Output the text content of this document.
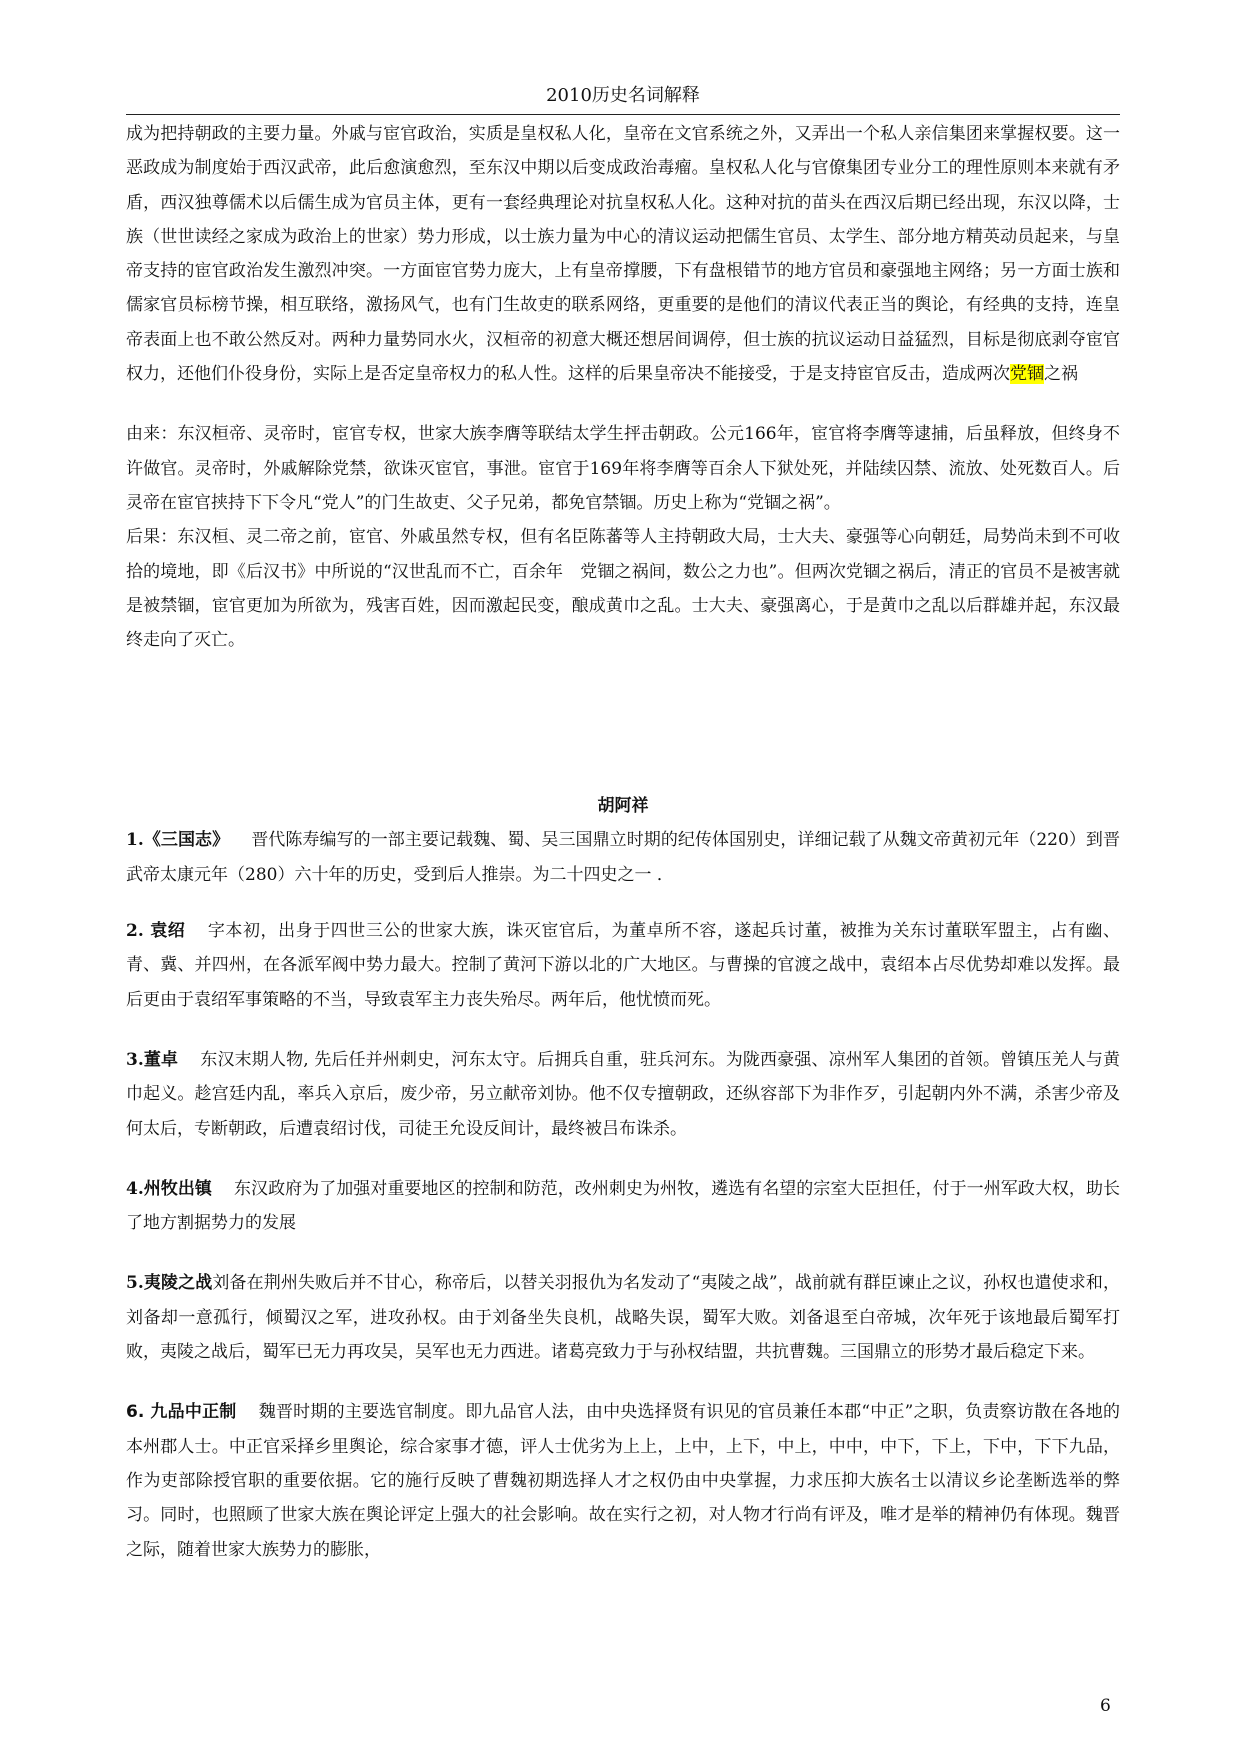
2010历史名词解释

成为把持朝政的主要力量。外戚与宦官政治，实质是皇权私人化，皇帝在文官系统之外，又弄出一个私人亲信集团来掌握权要。这一恶政成为制度始于西汉武帝，此后愈演愈烈，至东汉中期以后变成政治毒瘤。皇权私人化与官僚集团专业分工的理性原则本来就有矛盾，西汉独尊儒术以后儒生成为官员主体，更有一套经典理论对抗皇权私人化。这种对抗的苗头在西汉后期已经出现，东汉以降，士族（世世读经之家成为政治上的世家）势力形成，以士族力量为中心的清议运动把儒生官员、太学生、部分地方精英动员起来，与皇帝支持的宦官政治发生激烈冲突。一方面宦官势力庞大，上有皇帝撑腰，下有盘根错节的地方官员和豪强地主网络；另一方面士族和儒家官员标榜节操，相互联络，激扬风气，也有门生故吏的联系网络，更重要的是他们的清议代表正当的舆论，有经典的支持，连皇帝表面上也不敢公然反对。两种力量势同水火，汉桓帝的初意大概还想居间调停，但士族的抗议运动日益猛烈，目标是彻底剥夺宦官权力，还他们仆役身份，实际上是否定皇帝权力的私人性。这样的后果皇帝决不能接受，于是支持宦官反击，造成两次党锢之祸

由来：东汉桓帝、灵帝时，宦官专权，世家大族李膺等联结太学生抨击朝政。公元166年，宦官将李膺等逮捕，后虽释放，但终身不许做官。灵帝时，外戚解除党禁，欲诛灭宦官，事泄。宦官于169年将李膺等百余人下狱处死，并陆续囚禁、流放、处死数百人。后灵帝在宦官挟持下下令凡“党人”的门生故吏、父子兄弟，都免官禁锢。历史上称为“党锢之祸”。

后果：东汉桓、灵二帝之前，宦官、外戚虽然专权，但有名臣陈蕃等人主持朝政大局，士大夫、豪强等心向朝廷，局势尚未到不可收拾的境地，即《后汉书》中所说的“汉世乱而不亡，百余年　党锢之祸间，数公之力也”。但两次党锢之祸后，清正的官员不是被害就是被禁锢，宦官更加为所欲为，残害百姓，因而激起民变，酿成黄巾之乱。士大夫、豪强离心，于是黄巾之乱以后群雄并起，东汉最终走向了灭亡。

胡阿祥

1.《三国志》 晋代陈寿编写的一部主要记载魏、蜀、吴三国鼎立时期的纪传体国别史，详细记载了从魏文帝黄初元年（220）到晋武帝太康元年（280）六十年的历史，受到后人推崇。为二十四史之一 ．

2. 袁绍 字本初，出身于四世三公的世家大族，诛灭宦官后，为董卓所不容，遂起兵讨董，被推为关东讨董联军盟主，占有幽、青、冀、并四州，在各派军阀中势力最大。控制了黄河下游以北的广大地区。与曹操的官渡之战中，袁绍本占尽优势却难以发挥。最后更由于袁绍军事策略的不当，导致袁军主力丧失殆尽。两年后，他忧愤而死。

3.董卓 东汉末期人物, 先后任并州刺史，河东太守。后拥兵自重，驻兵河东。为陇西豪强、凉州军人集团的首领。曾镇压羌人与黄巾起义。趁宫廷内乱，率兵入京后，废少帝，另立献帝刘协。他不仅专擅朝政，还纵容部下为非作歹，引起朝内外不满，杀害少帝及何太后，专断朝政，后遭袁绍讨伐，司徒王允设反间计，最终被吕布诛杀。

4.州牧出镇 东汉政府为了加强对重要地区的控制和防范，改州刺史为州牧，遴选有名望的宗室大臣担任，付于一州军政大权，助长了地方割据势力的发展

5.夷陵之战刘备在荆州失败后并不甘心，称帝后，以替关羽报仇为名发动了“夷陵之战”，战前就有群臣谏止之议，孙权也遣使求和，刘备却一意孤行，倾蜀汉之军，进攻孙权。由于刘备坐失良机，战略失误，蜀军大败。刘备退至白帝城，次年死于该地最后蜀军打败，夷陵之战后，蜀军已无力再攻吴，吴军也无力西进。诸葛亮致力于与孙权结盟，共抗曹魏。三国鼎立的形势才最后稳定下来。

6. 九品中正制 魏晋时期的主要选官制度。即九品官人法，由中央选择贤有识见的官员兼任本郡“中正”之职，负责察访散在各地的本州郡人士。中正官采择乡里舆论，综合家事才德，评人士优劣为上上，上中，上下，中上，中中，中下，下上，下中，下下九品，作为吏部除授官职的重要依据。它的施行反映了曹魏初期选择人才之权仍由中央掌握，力求压抑大族名士以清议乡论垄断选举的弊习。同时，也照顾了世家大族在舆论评定上强大的社会影响。故在实行之初，对人物才行尚有评及，唯才是举的精神仍有体现。魏晋之际，随着世家大族势力的膨胀，

6
